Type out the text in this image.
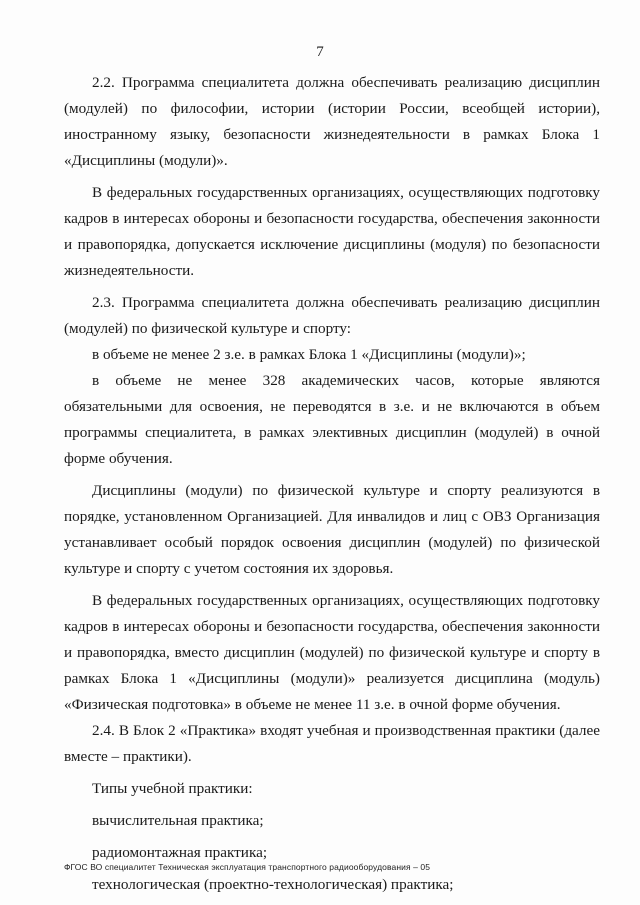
7

2.2. Программа специалитета должна обеспечивать реализацию дисциплин (модулей) по философии, истории (истории России, всеобщей истории), иностранному языку, безопасности жизнедеятельности в рамках Блока 1 «Дисциплины (модули)».

В федеральных государственных организациях, осуществляющих подготовку кадров в интересах обороны и безопасности государства, обеспечения законности и правопорядка, допускается исключение дисциплины (модуля) по безопасности жизнедеятельности.

2.3. Программа специалитета должна обеспечивать реализацию дисциплин (модулей) по физической культуре и спорту:

в объеме не менее 2 з.е. в рамках Блока 1 «Дисциплины (модули)»;

в объеме не менее 328 академических часов, которые являются обязательными для освоения, не переводятся в з.е. и не включаются в объем программы специалитета, в рамках элективных дисциплин (модулей) в очной форме обучения.

Дисциплины (модули) по физической культуре и спорту реализуются в порядке, установленном Организацией. Для инвалидов и лиц с ОВЗ Организация устанавливает особый порядок освоения дисциплин (модулей) по физической культуре и спорту с учетом состояния их здоровья.

В федеральных государственных организациях, осуществляющих подготовку кадров в интересах обороны и безопасности государства, обеспечения законности и правопорядка, вместо дисциплин (модулей) по физической культуре и спорту в рамках Блока 1 «Дисциплины (модули)» реализуется дисциплина (модуль) «Физическая подготовка» в объеме не менее 11 з.е. в очной форме обучения.

2.4. В Блок 2 «Практика» входят учебная и производственная практики (далее вместе – практики).

Типы учебной практики:

вычислительная практика;

радиомонтажная практика;

технологическая (проектно-технологическая) практика;

ФГОС ВО специалитет Техническая эксплуатация транспортного радиооборудования – 05
